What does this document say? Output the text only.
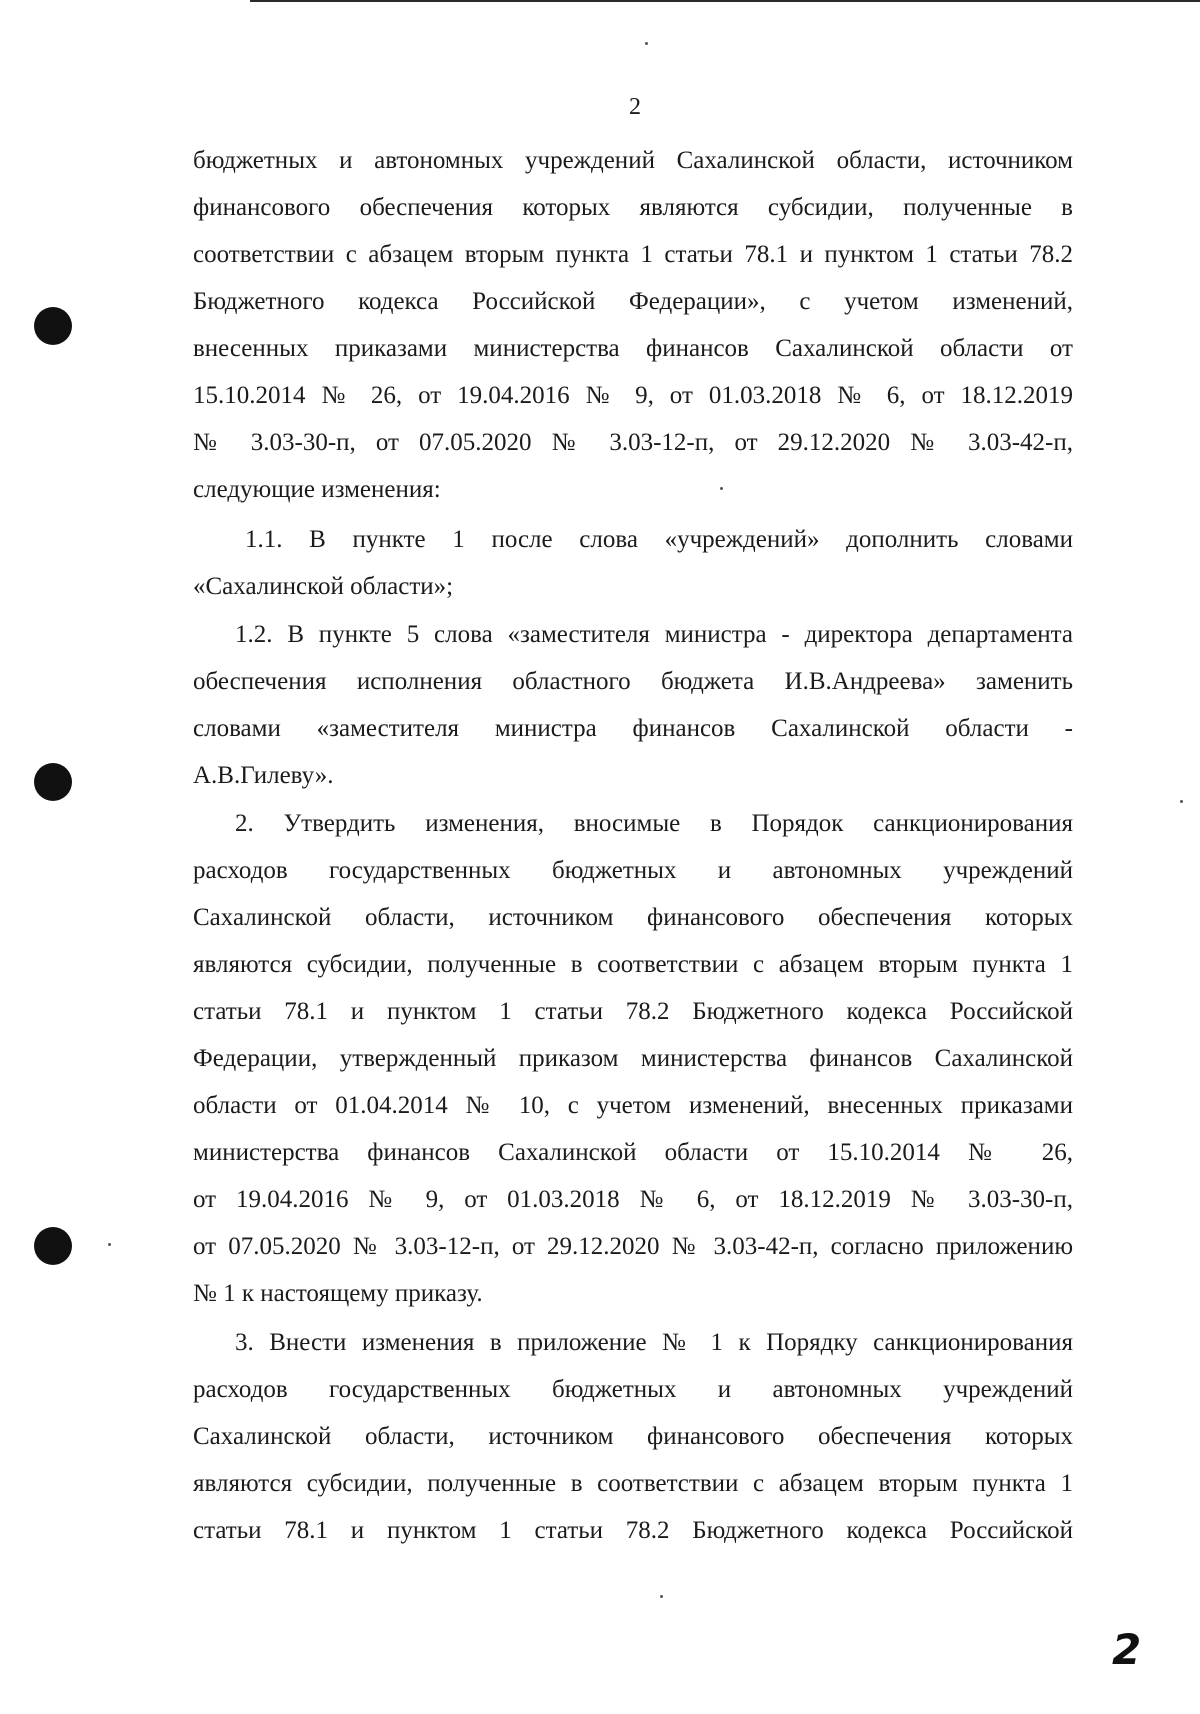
2
бюджетных и автономных учреждений Сахалинской области, источником
финансового обеспечения которых являются субсидии, полученные в
соответствии с абзацем вторым пункта 1 статьи 78.1 и пунктом 1 статьи 78.2
Бюджетного кодекса Российской Федерации», с учетом изменений,
внесенных приказами министерства финансов Сахалинской области от
15.10.2014 № 26, от 19.04.2016 № 9, от 01.03.2018 № 6, от 18.12.2019
№ 3.03-30-п, от 07.05.2020 № 3.03-12-п, от 29.12.2020 № 3.03-42-п,
следующие изменения:
1.1. В пункте 1 после слова «учреждений» дополнить словами
«Сахалинской области»;
1.2. В пункте 5 слова «заместителя министра - директора департамента
обеспечения исполнения областного бюджета И.В.Андреева» заменить
словами «заместителя министра финансов Сахалинской области -
А.В.Гилеву».
2. Утвердить изменения, вносимые в Порядок санкционирования
расходов государственных бюджетных и автономных учреждений
Сахалинской области, источником финансового обеспечения которых
являются субсидии, полученные в соответствии с абзацем вторым пункта 1
статьи 78.1 и пунктом 1 статьи 78.2 Бюджетного кодекса Российской
Федерации, утвержденный приказом министерства финансов Сахалинской
области от 01.04.2014 № 10, с учетом изменений, внесенных приказами
министерства финансов Сахалинской области от 15.10.2014 № 26,
от 19.04.2016 № 9, от 01.03.2018 № 6, от 18.12.2019 № 3.03-30-п,
от 07.05.2020 № 3.03-12-п, от 29.12.2020 № 3.03-42-п, согласно приложению
№ 1 к настоящему приказу.
3. Внести изменения в приложение № 1 к Порядку санкционирования
расходов государственных бюджетных и автономных учреждений
Сахалинской области, источником финансового обеспечения которых
являются субсидии, полученные в соответствии с абзацем вторым пункта 1
статьи 78.1 и пунктом 1 статьи 78.2 Бюджетного кодекса Российской
2
